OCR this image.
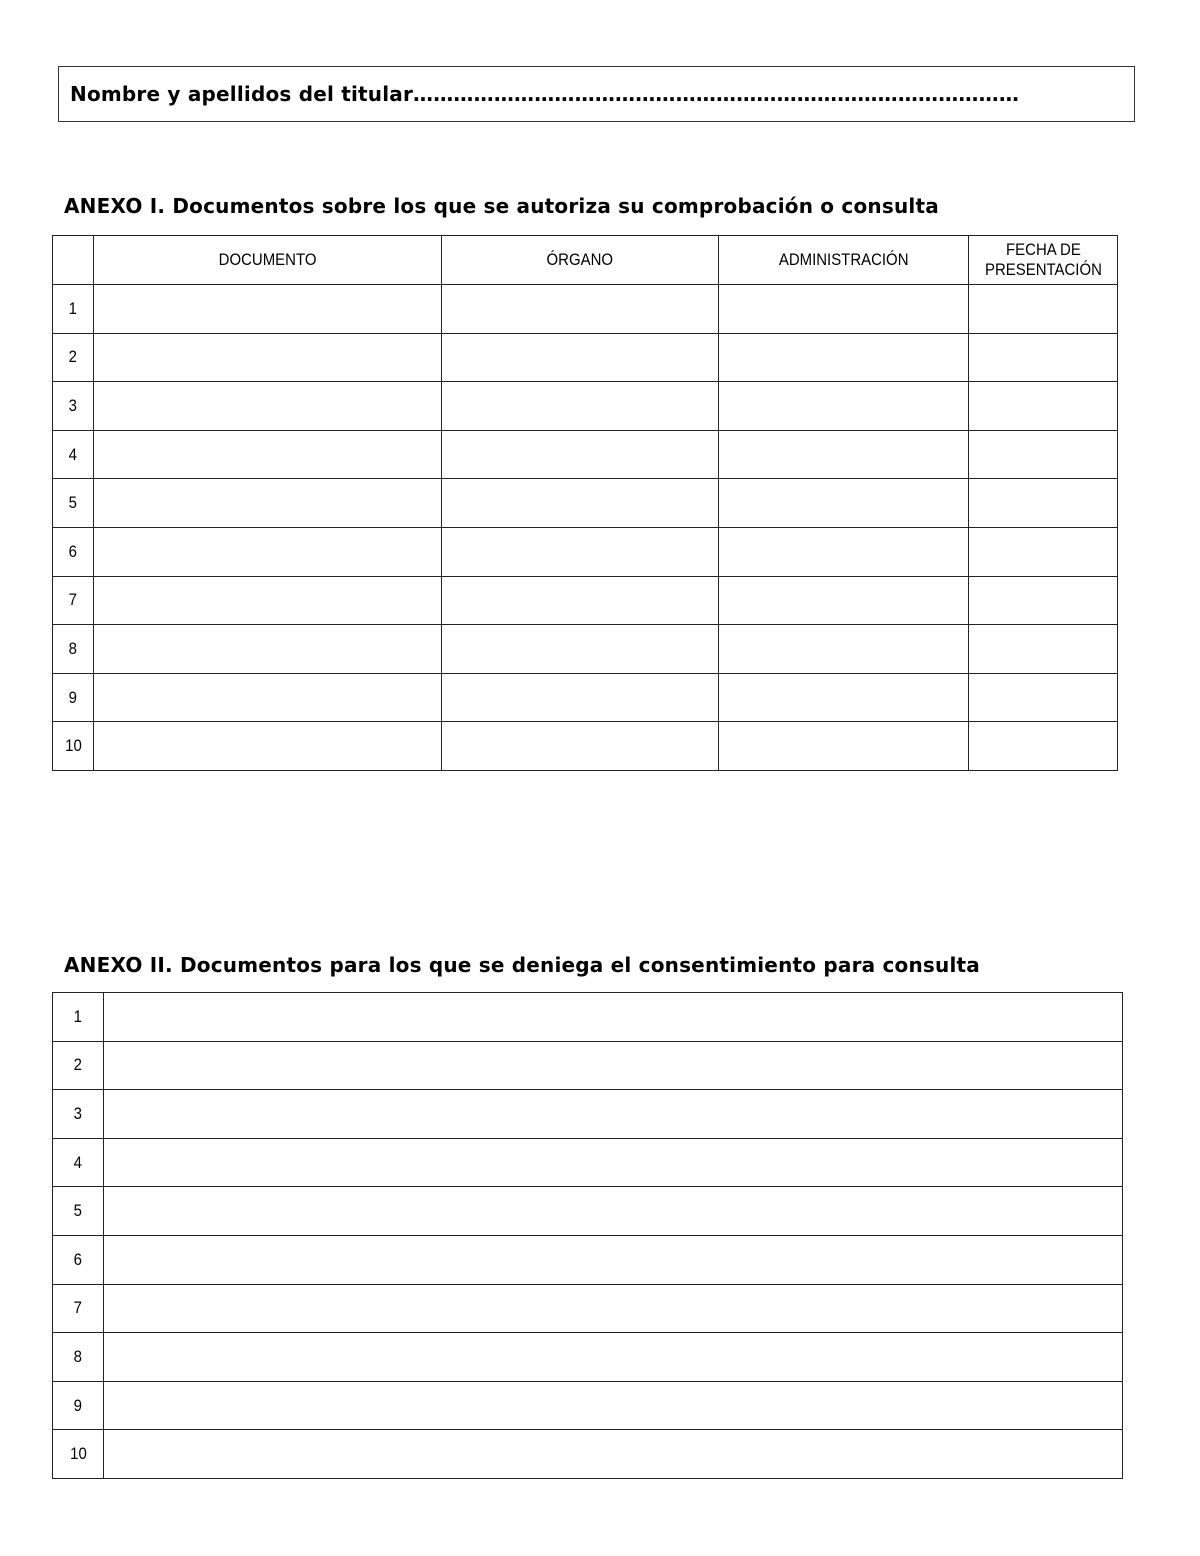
Nombre y apellidos del titular………………………………………………………………………………
ANEXO I. Documentos sobre los que se autoriza su comprobación o consulta
	DOCUMENTO	ÓRGANO	ADMINISTRACIÓN	FECHA DE
PRESENTACIÓN

1				
2				
3				
4				
5				
6				
7				
8				
9				
10				
ANEXO II. Documentos para los que se deniega el consentimiento para consulta
1	
2	
3	
4	
5	
6	
7	
8	
9	
10	
